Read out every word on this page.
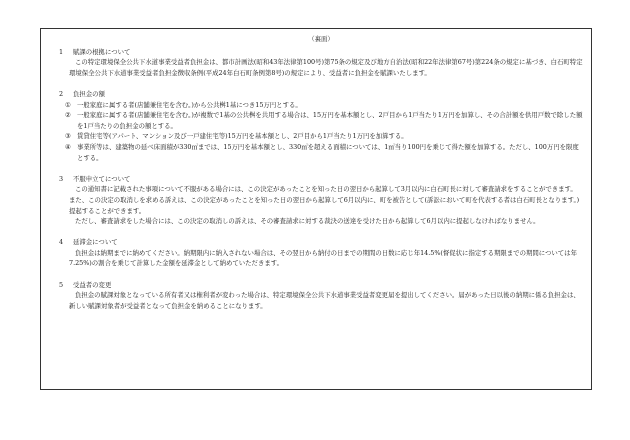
（裏面）
1 賦課の根拠について
この特定環境保全公共下水道事業受益者負担金は、都市計画法(昭和43年法律第100号)第75条の規定及び地方自治法(昭和22年法律第67号)第224条の規定に基づき、白石町特定環境保全公共下水道事業受益者負担金徴収条例(平成24年白石町条例第8号)の規定により、受益者に負担金を賦課いたします。
2 負担金の額
① 一般家庭に属する者(店舗兼住宅を含む。)から公共桝1基につき15万円とする。
② 一般家庭に属する者(店舗兼住宅を含む。)が複数で1基の公共桝を共用する場合は、15万円を基本額とし、2戸目から1戸当たり1万円を加算し、その合計額を供用戸数で除した額を1戸当たりの負担金の額とする。
③ 賃貸住宅等(アパート、マンション及び一戸建住宅等)15万円を基本額とし、2戸目から1戸当たり1万円を加算する。
④ 事業所等は、建築物の延べ床面積が330㎡までは、15万円を基本額とし、330㎡を超える面積については、1㎡当り100円を乗じて得た額を加算する。ただし、100万円を限度とする。
3 不服申立てについて
この通知書に記載された事項について不服がある場合には、この決定があったことを知った日の翌日から起算して3月以内に白石町長に対して審査請求をすることができます。また、この決定の取消しを求める訴えは、この決定があったことを知った日の翌日から起算して6月以内に、町を被告として(訴訟において町を代表する者は白石町長となります。)提起することができます。
ただし、審査請求をした場合には、この決定の取消しの訴えは、その審査請求に対する裁決の送達を受けた日から起算して6月以内に提起しなければなりません。
4 延滞金について
負担金は納期までに納めてください。納期限内に納入されない場合は、その翌日から納付の日までの期間の日数に応じ年14.5%(督促状に指定する期限までの期間については年7.25%)の割合を乗じて計算した金額を延滞金として納めていただきます。
5 受益者の変更
負担金の賦課対象となっている所有者又は権利者が変わった場合は、特定環境保全公共下水道事業受益者変更届を提出してください。届があった日以後の納期に係る負担金は、新しい賦課対象者が受益者となって負担金を納めることになります。
